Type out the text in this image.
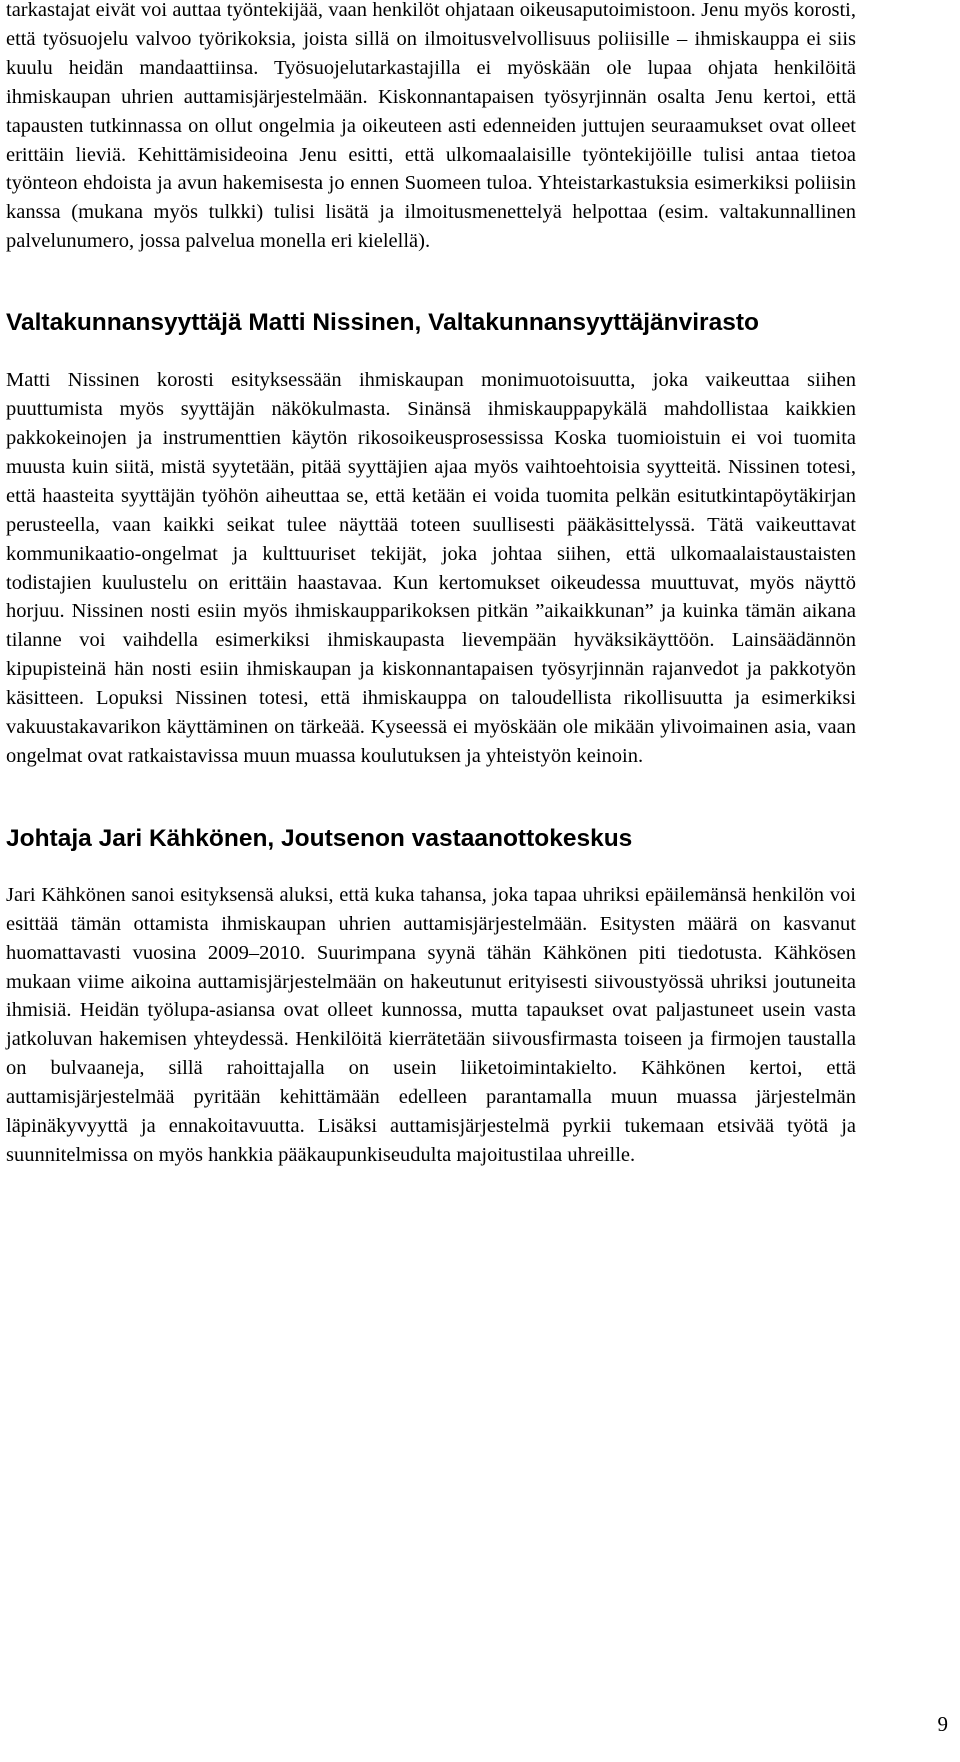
tarkastajat eivät voi auttaa työntekijää, vaan henkilöt ohjataan oikeusaputoimistoon. Jenu myös korosti, että työsuojelu valvoo työrikoksia, joista sillä on ilmoitusvelvollisuus poliisille – ihmiskauppa ei siis kuulu heidän mandaattiinsa. Työsuojelutarkastajilla ei myöskään ole lupaa ohjata henkilöitä ihmiskaupan uhrien auttamisjärjestelmään. Kiskonnantapaisen työsyrjinnän osalta Jenu kertoi, että tapausten tutkinnassa on ollut ongelmia ja oikeuteen asti edenneiden juttujen seuraamukset ovat olleet erittäin lieviä. Kehittämisideoina Jenu esitti, että ulkomaalaisille työntekijöille tulisi antaa tietoa työnteon ehdoista ja avun hakemisesta jo ennen Suomeen tuloa. Yhteistarkastuksia esimerkiksi poliisin kanssa (mukana myös tulkki) tulisi lisätä ja ilmoitusmenettelyä helpottaa (esim. valtakunnallinen palvelunumero, jossa palvelua monella eri kielellä).

Valtakunnansyyttäjä Matti Nissinen, Valtakunnansyyttäjänvirasto

Matti Nissinen korosti esityksessään ihmiskaupan monimuotoisuutta, joka vaikeuttaa siihen puuttumista myös syyttäjän näkökulmasta. Sinänsä ihmiskauppapykälä mahdollistaa kaikkien pakkokeinojen ja instrumenttien käytön rikosoikeusprosessissa Koska tuomioistuin ei voi tuomita muusta kuin siitä, mistä syytetään, pitää syyttäjien ajaa myös vaihtoehtoisia syytteitä. Nissinen totesi, että haasteita syyttäjän työhön aiheuttaa se, että ketään ei voida tuomita pelkän esitutkintapöytäkirjan perusteella, vaan kaikki seikat tulee näyttää toteen suullisesti pääkäsittelyssä. Tätä vaikeuttavat kommunikaatio-ongelmat ja kulttuuriset tekijät, joka johtaa siihen, että ulkomaalaistaustaisten todistajien kuulustelu on erittäin haastavaa. Kun kertomukset oikeudessa muuttuvat, myös näyttö horjuu. Nissinen nosti esiin myös ihmiskaupparikoksen pitkän ”aikaikkunan” ja kuinka tämän aikana tilanne voi vaihdella esimerkiksi ihmiskaupasta lievempään hyväksikäyttöön. Lainsäädännön kipupisteinä hän nosti esiin ihmiskaupan ja kiskonnantapaisen työsyrjinnän rajanvedot ja pakkotyön käsitteen. Lopuksi Nissinen totesi, että ihmiskauppa on taloudellista rikollisuutta ja esimerkiksi vakuustakavarikon käyttäminen on tärkeää. Kyseessä ei myöskään ole mikään ylivoimainen asia, vaan ongelmat ovat ratkaistavissa muun muassa koulutuksen ja yhteistyön keinoin.

Johtaja Jari Kähkönen, Joutsenon vastaanottokeskus

Jari Kähkönen sanoi esityksensä aluksi, että kuka tahansa, joka tapaa uhriksi epäilemänsä henkilön voi esittää tämän ottamista ihmiskaupan uhrien auttamisjärjestelmään. Esitysten määrä on kasvanut huomattavasti vuosina 2009–2010. Suurimpana syynä tähän Kähkönen piti tiedotusta. Kähkösen mukaan viime aikoina auttamisjärjestelmään on hakeutunut erityisesti siivoustyössä uhriksi joutuneita ihmisiä. Heidän työlupa-asiansa ovat olleet kunnossa, mutta tapaukset ovat paljastuneet usein vasta jatkoluvan hakemisen yhteydessä. Henkilöitä kierrätetään siivousfirmasta toiseen ja firmojen taustalla on bulvaaneja, sillä rahoittajalla on usein liiketoimintakielto. Kähkönen kertoi, että auttamisjärjestelmää pyritään kehittämään edelleen parantamalla muun muassa järjestelmän läpinäkyvyyttä ja ennakoitavuutta. Lisäksi auttamisjärjestelmä pyrkii tukemaan etsivää työtä ja suunnitelmissa on myös hankkia pääkaupunkiseudulta majoitustilaa uhreille.

9
